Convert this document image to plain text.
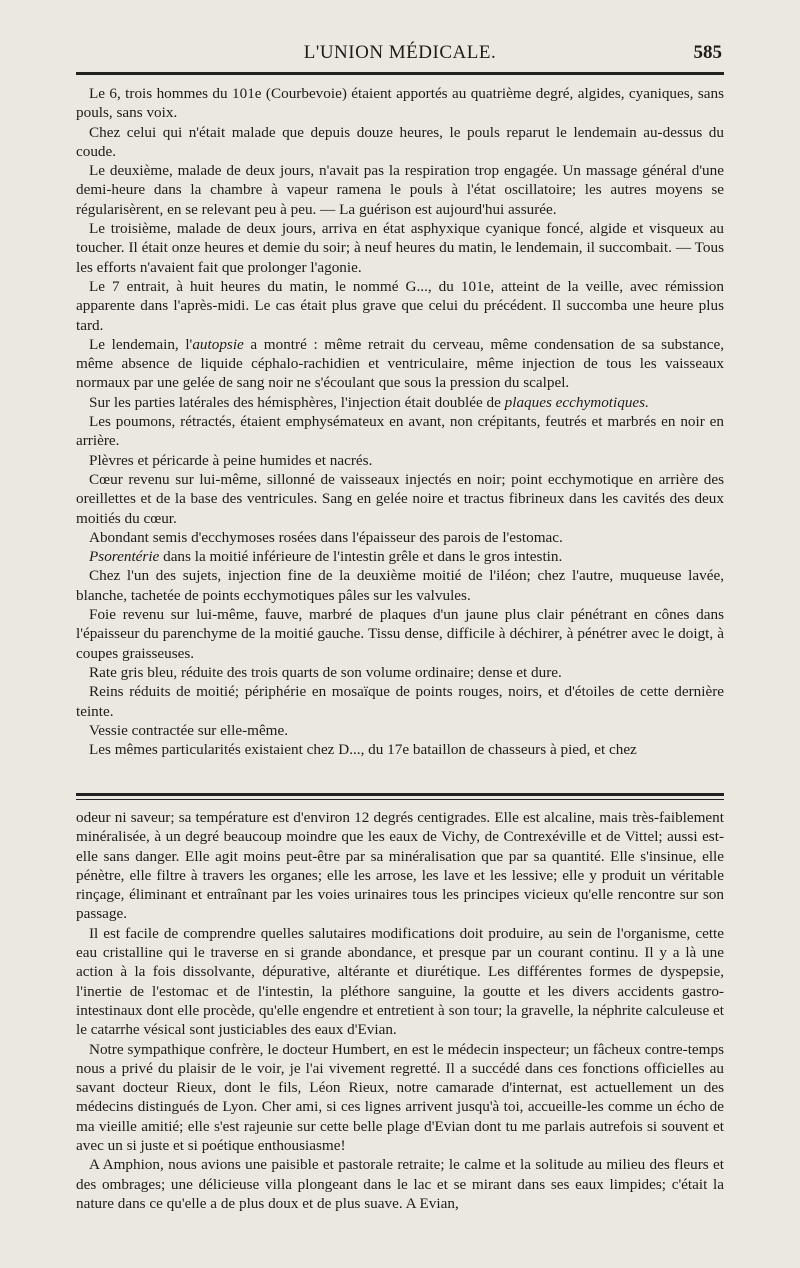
L'UNION MÉDICALE.	585

Le 6, trois hommes du 101e (Courbevoie) étaient apportés au quatrième degré, algides, cyaniques, sans pouls, sans voix.

Chez celui qui n'était malade que depuis douze heures, le pouls reparut le lendemain au-dessus du coude.

Le deuxième, malade de deux jours, n'avait pas la respiration trop engagée. Un massage général d'une demi-heure dans la chambre à vapeur ramena le pouls à l'état oscillatoire; les autres moyens se régularisèrent, en se relevant peu à peu. — La guérison est aujourd'hui assurée.

Le troisième, malade de deux jours, arriva en état asphyxique cyanique foncé, algide et visqueux au toucher. Il était onze heures et demie du soir; à neuf heures du matin, le lendemain, il succombait. — Tous les efforts n'avaient fait que prolonger l'agonie.

Le 7 entrait, à huit heures du matin, le nommé G..., du 101e, atteint de la veille, avec rémission apparente dans l'après-midi. Le cas était plus grave que celui du précédent. Il succomba une heure plus tard.

Le lendemain, l'autopsie a montré : même retrait du cerveau, même condensation de sa substance, même absence de liquide céphalo-rachidien et ventriculaire, même injection de tous les vaisseaux normaux par une gelée de sang noir ne s'écoulant que sous la pression du scalpel.

Sur les parties latérales des hémisphères, l'injection était doublée de plaques ecchymotiques.

Les poumons, rétractés, étaient emphysémateux en avant, non crépitants, feutrés et marbrés en noir en arrière.

Plèvres et péricarde à peine humides et nacrés.

Cœur revenu sur lui-même, sillonné de vaisseaux injectés en noir; point ecchymotique en arrière des oreillettes et de la base des ventricules. Sang en gelée noire et tractus fibrineux dans les cavités des deux moitiés du cœur.

Abondant semis d'ecchymoses rosées dans l'épaisseur des parois de l'estomac.

Psorentérie dans la moitié inférieure de l'intestin grêle et dans le gros intestin.

Chez l'un des sujets, injection fine de la deuxième moitié de l'iléon; chez l'autre, muqueuse lavée, blanche, tachetée de points ecchymotiques pâles sur les valvules.

Foie revenu sur lui-même, fauve, marbré de plaques d'un jaune plus clair pénétrant en cônes dans l'épaisseur du parenchyme de la moitié gauche. Tissu dense, difficile à déchirer, à pénétrer avec le doigt, à coupes graisseuses.

Rate gris bleu, réduite des trois quarts de son volume ordinaire; dense et dure.

Reins réduits de moitié; périphérie en mosaïque de points rouges, noirs, et d'étoiles de cette dernière teinte.

Vessie contractée sur elle-même.

Les mêmes particularités existaient chez D..., du 17e bataillon de chasseurs à pied, et chez

odeur ni saveur; sa température est d'environ 12 degrés centigrades. Elle est alcaline, mais très-faiblement minéralisée, à un degré beaucoup moindre que les eaux de Vichy, de Contrexéville et de Vittel; aussi est-elle sans danger. Elle agit moins peut-être par sa minéralisation que par sa quantité. Elle s'insinue, elle pénètre, elle filtre à travers les organes; elle les arrose, les lave et les lessive; elle y produit un véritable rinçage, éliminant et entraînant par les voies urinaires tous les principes vicieux qu'elle rencontre sur son passage.

Il est facile de comprendre quelles salutaires modifications doit produire, au sein de l'organisme, cette eau cristalline qui le traverse en si grande abondance, et presque par un courant continu. Il y a là une action à la fois dissolvante, dépurative, altérante et diurétique. Les différentes formes de dyspepsie, l'inertie de l'estomac et de l'intestin, la pléthore sanguine, la goutte et les divers accidents gastro-intestinaux dont elle procède, qu'elle engendre et entretient à son tour; la gravelle, la néphrite calculeuse et le catarrhe vésical sont justiciables des eaux d'Evian.

Notre sympathique confrère, le docteur Humbert, en est le médecin inspecteur; un fâcheux contre-temps nous a privé du plaisir de le voir, je l'ai vivement regretté. Il a succédé dans ces fonctions officielles au savant docteur Rieux, dont le fils, Léon Rieux, notre camarade d'internat, est actuellement un des médecins distingués de Lyon. Cher ami, si ces lignes arrivent jusqu'à toi, accueille-les comme un écho de ma vieille amitié; elle s'est rajeunie sur cette belle plage d'Evian dont tu me parlais autrefois si souvent et avec un si juste et si poétique enthousiasme!

A Amphion, nous avions une paisible et pastorale retraite; le calme et la solitude au milieu des fleurs et des ombrages; une délicieuse villa plongeant dans le lac et se mirant dans ses eaux limpides; c'était la nature dans ce qu'elle a de plus doux et de plus suave. A Evian,
